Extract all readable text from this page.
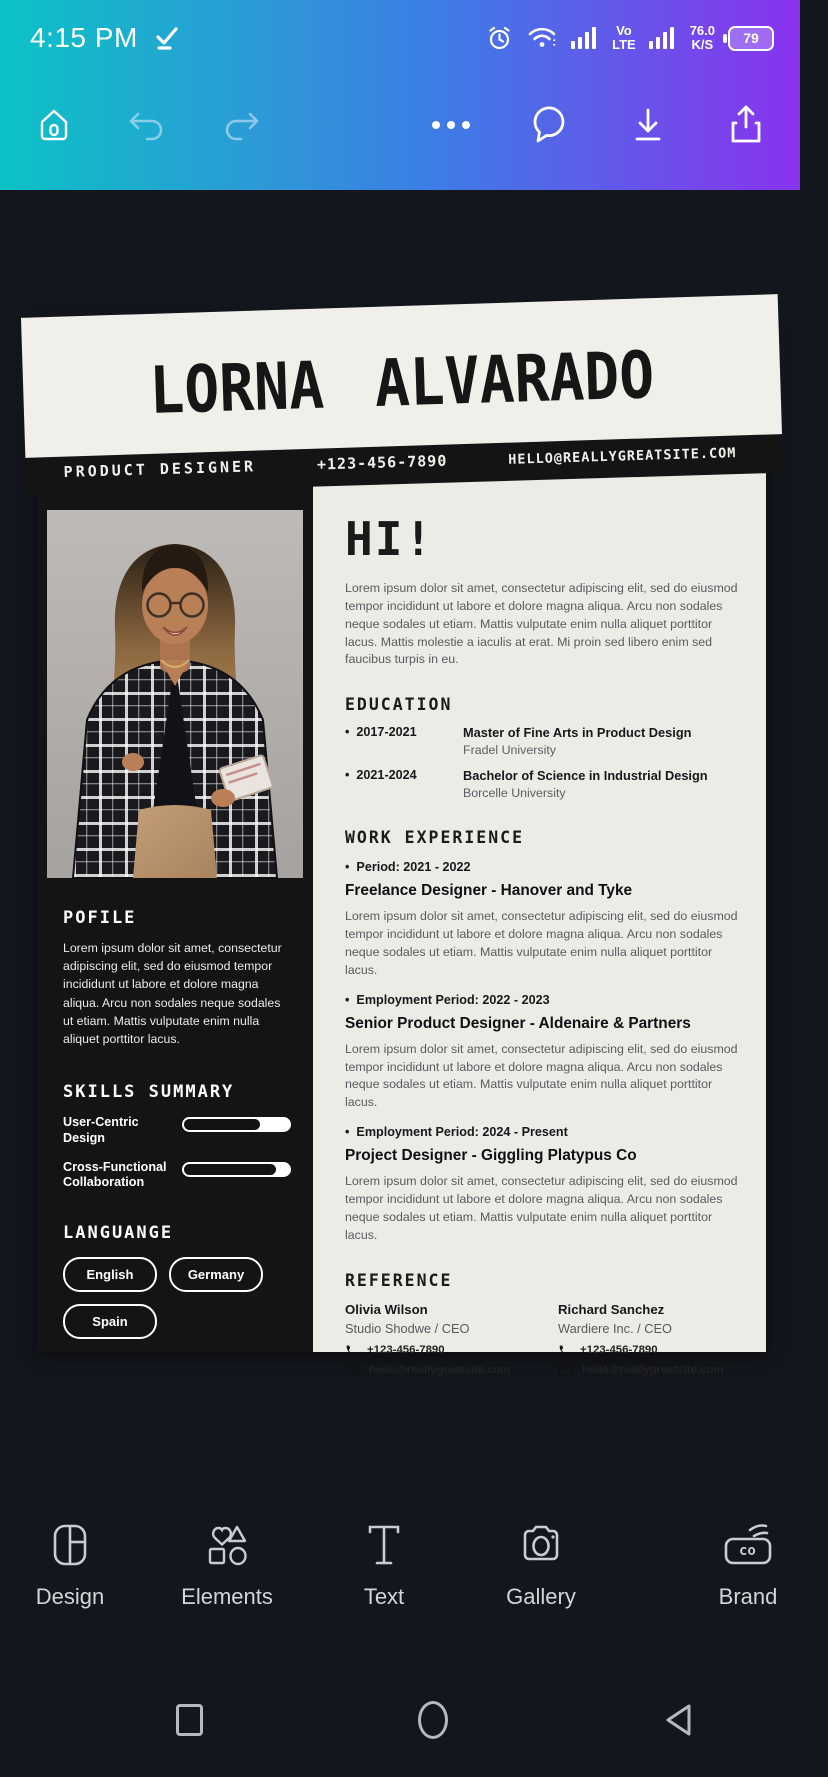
4:15 PM	Vo
LTE
76.0
K/S 79
PRODUCT DESIGNER	+123-456-7890	HELLO@REALLYGREATSITE.COM
LORNA ALVARADO
POFILE

Lorem ipsum dolor sit amet, consectetur adipiscing elit, sed do eiusmod tempor incididunt ut labore et dolore magna aliqua. Arcu non sodales neque sodales ut etiam. Mattis vulputate enim nulla aliquet porttitor lacus.

SKILLS SUMMARY
User-Centric Design
Cross-Functional Collaboration
LANGUANGE
English	Germany
Spain
HI!

Lorem ipsum dolor sit amet, consectetur adipiscing elit, sed do eiusmod tempor incididunt ut labore et dolore magna aliqua. Arcu non sodales neque sodales ut etiam. Mattis vulputate enim nulla aliquet porttitor lacus. Mattis molestie a iaculis at erat. Mi proin sed libero enim sed faucibus turpis in eu.

EDUCATION
• 2017-2021	Master of Fine Arts in Product Design
Fradel University
• 2021-2024	Bachelor of Science in Industrial Design
Borcelle University
WORK EXPERIENCE
• Period: 2021 - 2022
Freelance Designer - Hanover and Tyke

Lorem ipsum dolor sit amet, consectetur adipiscing elit, sed do eiusmod tempor incididunt ut labore et dolore magna aliqua. Arcu non sodales neque sodales ut etiam. Mattis vulputate enim nulla aliquet porttitor lacus.

• Employment Period: 2022 - 2023
Senior Product Designer - Aldenaire & Partners

Lorem ipsum dolor sit amet, consectetur adipiscing elit, sed do eiusmod tempor incididunt ut labore et dolore magna aliqua. Arcu non sodales neque sodales ut etiam. Mattis vulputate enim nulla aliquet porttitor lacus.

• Employment Period: 2024 - Present
Project Designer - Giggling Platypus Co

Lorem ipsum dolor sit amet, consectetur adipiscing elit, sed do eiusmod tempor incididunt ut labore et dolore magna aliqua. Arcu non sodales neque sodales ut etiam. Mattis vulputate enim nulla aliquet porttitor lacus.

REFERENCE
Olivia Wilson
Studio Shodwe / CEO
+123-456-7890
hello@reallygreatsite.com
Richard Sanchez
Wardiere Inc. / CEO
+123-456-7890
hello@reallygreatsite.com
Design	Elements	Text	Gallery
co
Brand
